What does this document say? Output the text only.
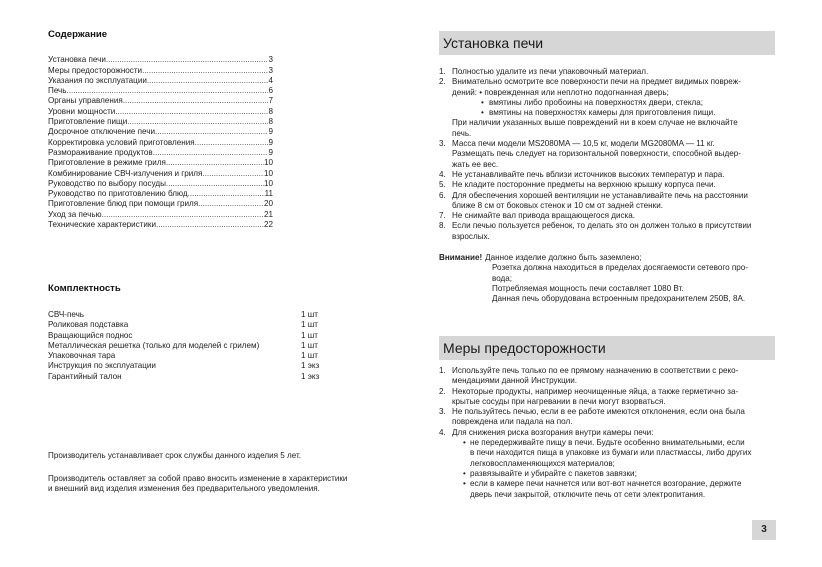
Содержание
Установка печи .....	3
Меры предосторожности .....	3
Указания по эксплуатации .....	4
Печь .....	6
Органы управления .....	7
Уровни мощности .....	8
Приготовление пищи .....	8
Досрочное отключение печи .....	9
Корректировка условий приготовления .....	9
Размораживание продуктов .....	9
Приготовление в режиме гриля .....	10
Комбинирование СВЧ-излучения и гриля .....	10
Руководство по выбору посуды .....	10
Руководство по приготовлению блюд .....	11
Приготовление блюд при помощи гриля .....	20
Уход за печью .....	21
Технические характеристики .....	22
Комплектность
СВЧ-печь	1 шт
Роликовая подставка	1 шт
Вращающийся поднос	1 шт
Металлическая решетка (только для моделей с грилем)	1 шт
Упаковочная тара	1 шт
Инструкция по эксплуатации	1 экз
Гарантийный талон	1 экз
Производитель устанавливает срок службы данного изделия 5 лет.
Производитель оставляет за собой право вносить изменение в характеристики
и внешний вид изделия изменения без предварительного уведомления.
Установка печи
1. Полностью удалите из печи упаковочный материал.
2. Внимательно осмотрите все поверхности печи на предмет видимых повреж-
дений: • поврежденная или неплотно подогнанная дверь;
• вмятины либо пробоины на поверхностях двери, стекла;
• вмятины на поверхностях камеры для приготовления пищи.
При наличии указанных выше повреждений ни в коем случае не включайте
печь.
3. Масса печи модели MS2080MA — 10,5 кг, модели MG2080MA — 11 кг.
Размещать печь следует на горизонтальной поверхности, способной выдер-
жать ее вес.
4. Не устанавливайте печь вблизи источников высоких температур и пара.
5. Не кладите посторонние предметы на верхнюю крышку корпуса печи.
6. Для обеспечения хорошей вентиляции не устанавливайте печь на расстоянии
ближе 8 см от боковых стенок и 10 см от задней стенки.
7. Не снимайте вал привода вращающегося диска.
8. Если печью пользуется ребенок, то делать это он должен только в присутствии
взрослых.
Внимание! Данное изделие должно быть заземлено;
Розетка должна находиться в пределах досягаемости сетевого про-
вода;
Потребляемая мощность печи составляет 1080 Вт.
Данная печь оборудована встроенным предохранителем 250В, 8А.
Меры предосторожности
1. Используйте печь только по ее прямому назначению в соответствии с реко-
мендациями данной Инструкции.
2. Некоторые продукты, например неочищенные яйца, а также герметично за-
крытые сосуды при нагревании в печи могут взорваться.
3. Не пользуйтесь печью, если в ее работе имеются отклонения, если она была
повреждена или падала на пол.
4. Для снижения риска возгорания внутри камеры печи:
• не передерживайте пищу в печи. Будьте особенно внимательными, если
в печи находится пища в упаковке из бумаги или пластмассы, либо других
легковоспламеняющихся материалов;
• развязывайте и убирайте с пакетов завязки;
• если в камере печи начнется или вот-вот начнется возгорание, держите
дверь печи закрытой, отключите печь от сети электропитания.
3
